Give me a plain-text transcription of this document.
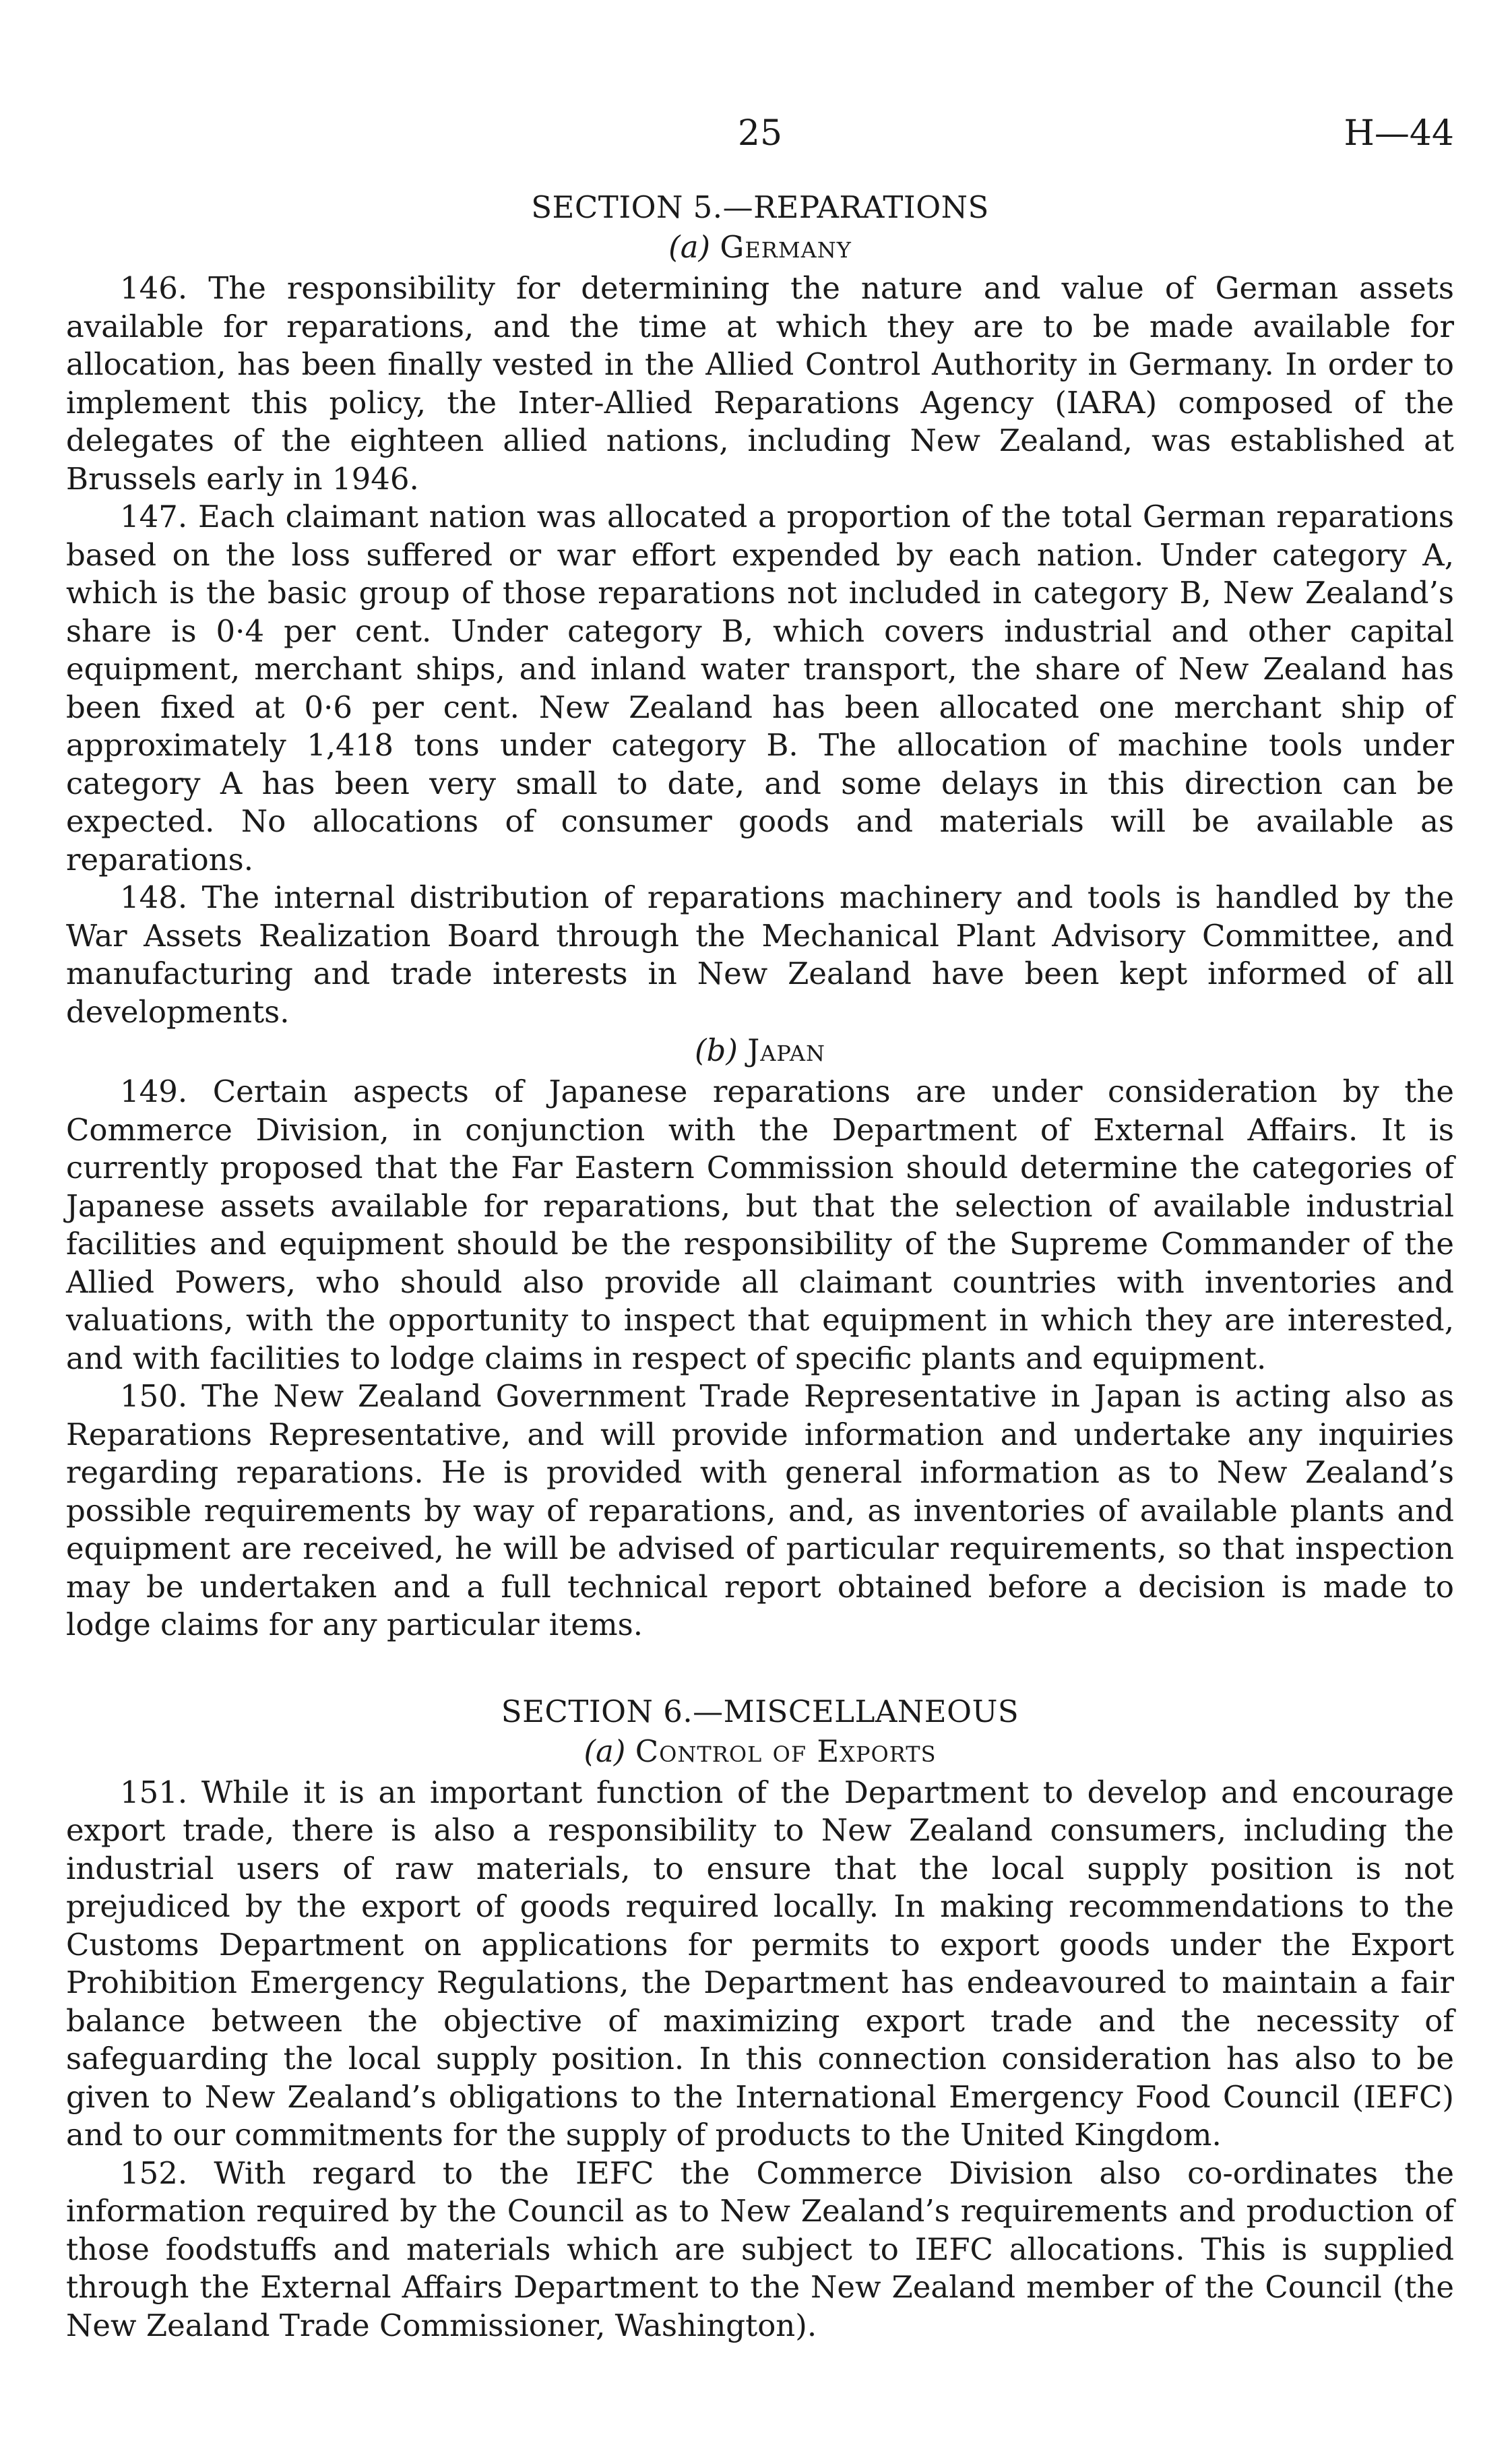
25	H—44
SECTION 5.—REPARATIONS
(a) Germany

146. The responsibility for determining the nature and value of German assets available for reparations, and the time at which they are to be made available for allocation, has been finally vested in the Allied Control Authority in Germany. In order to implement this policy, the Inter-Allied Reparations Agency (IARA) composed of the delegates of the eighteen allied nations, including New Zealand, was established at Brussels early in 1946.

147. Each claimant nation was allocated a proportion of the total German reparations based on the loss suffered or war effort expended by each nation. Under category A, which is the basic group of those reparations not included in category B, New Zealand’s share is 0·4 per cent. Under category B, which covers industrial and other capital equipment, merchant ships, and inland water transport, the share of New Zealand has been fixed at 0·6 per cent. New Zealand has been allocated one merchant ship of approximately 1,418 tons under category B. The allocation of machine tools under category A has been very small to date, and some delays in this direction can be expected. No allocations of consumer goods and materials will be available as reparations.

148. The internal distribution of reparations machinery and tools is handled by the War Assets Realization Board through the Mechanical Plant Advisory Committee, and manufacturing and trade interests in New Zealand have been kept informed of all developments.

(b) Japan

149. Certain aspects of Japanese reparations are under consideration by the Commerce Division, in conjunction with the Department of External Affairs. It is currently proposed that the Far Eastern Commission should determine the categories of Japanese assets available for reparations, but that the selection of available industrial facilities and equipment should be the responsibility of the Supreme Commander of the Allied Powers, who should also provide all claimant countries with inventories and valuations, with the opportunity to inspect that equipment in which they are interested, and with facilities to lodge claims in respect of specific plants and equipment.

150. The New Zealand Government Trade Representative in Japan is acting also as Reparations Representative, and will provide information and undertake any inquiries regarding reparations. He is provided with general information as to New Zealand’s possible requirements by way of reparations, and, as inventories of available plants and equipment are received, he will be advised of particular requirements, so that inspection may be undertaken and a full technical report obtained before a decision is made to lodge claims for any particular items.

SECTION 6.—MISCELLANEOUS
(a) Control of Exports

151. While it is an important function of the Department to develop and encourage export trade, there is also a responsibility to New Zealand consumers, including the industrial users of raw materials, to ensure that the local supply position is not prejudiced by the export of goods required locally. In making recommendations to the Customs Department on applications for permits to export goods under the Export Prohibition Emergency Regulations, the Department has endeavoured to maintain a fair balance between the objective of maximizing export trade and the necessity of safeguarding the local supply position. In this connection consideration has also to be given to New Zealand’s obligations to the International Emergency Food Council (IEFC) and to our commitments for the supply of products to the United Kingdom.

152. With regard to the IEFC the Commerce Division also co-ordinates the information required by the Council as to New Zealand’s requirements and production of those foodstuffs and materials which are subject to IEFC allocations. This is supplied through the External Affairs Department to the New Zealand member of the Council (the New Zealand Trade Commissioner, Washington).
